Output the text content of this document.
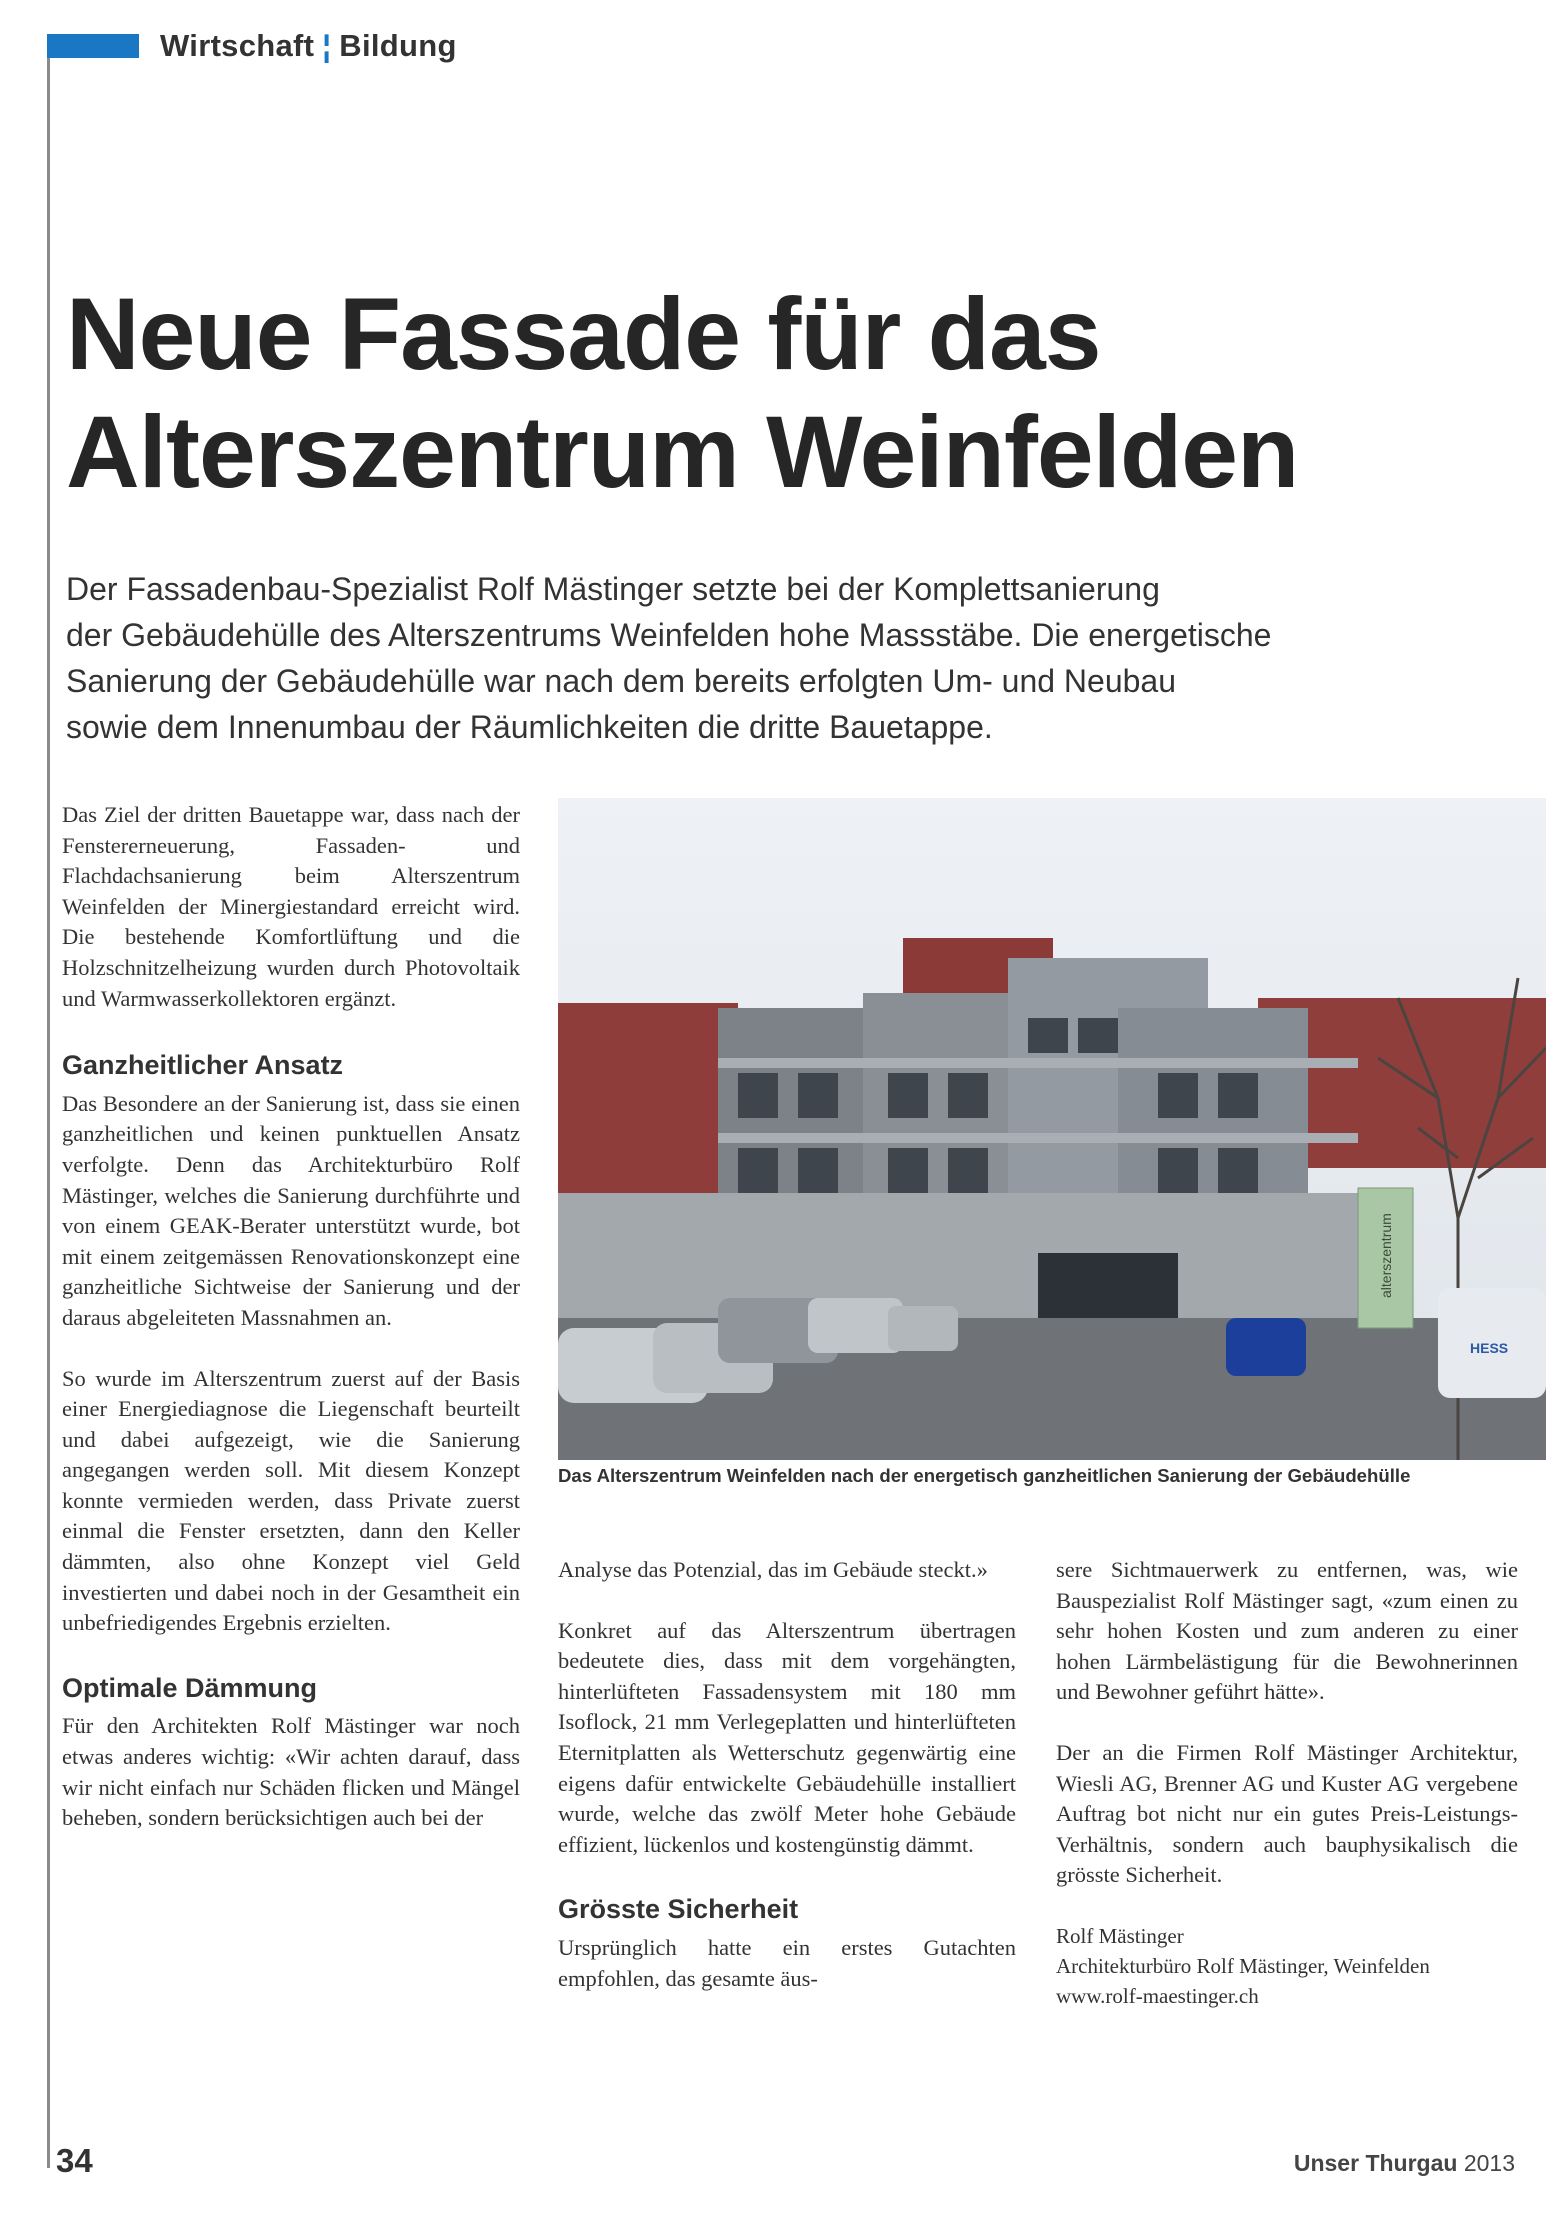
Wirtschaft ¦ Bildung
Neue Fassade für das
Alterszentrum Weinfelden
Der Fassadenbau-Spezialist Rolf Mästinger setzte bei der Komplettsanierung
der Gebäudehülle des Alterszentrums Weinfelden hohe Massstäbe. Die energetische
Sanierung der Gebäudehülle war nach dem bereits erfolgten Um- und Neubau
sowie dem Innenumbau der Räumlichkeiten die dritte Bauetappe.

Das Ziel der dritten Bauetappe war, dass nach der Fenstererneuerung, Fassaden- und Flachdachsanierung beim Alterszentrum Weinfelden der Minergiestandard erreicht wird. Die bestehende Komfortlüftung und die Holzschnitzelheizung wurden durch Photovoltaik und Warmwasserkollektoren ergänzt.

Ganzheitlicher Ansatz

Das Besondere an der Sanierung ist, dass sie einen ganzheitlichen und keinen punktuellen Ansatz verfolgte. Denn das Architekturbüro Rolf Mästinger, welches die Sanierung durchführte und von einem GEAK-Berater unterstützt wurde, bot mit einem zeitgemässen Renovationskonzept eine ganzheitliche Sichtweise der Sanierung und der daraus abgeleiteten Massnahmen an.

So wurde im Alterszentrum zuerst auf der Basis einer Energiediagnose die Liegenschaft beurteilt und dabei aufgezeigt, wie die Sanierung angegangen werden soll. Mit diesem Konzept konnte vermieden werden, dass Private zuerst einmal die Fenster ersetzten, dann den Keller dämmten, also ohne Konzept viel Geld investierten und dabei noch in der Gesamtheit ein unbefriedigendes Ergebnis erzielten.

Optimale Dämmung

Für den Architekten Rolf Mästinger war noch etwas anderes wichtig: «Wir achten darauf, dass wir nicht einfach nur Schäden flicken und Mängel beheben, sondern berücksichtigen auch bei der

alterszentrum
HESS
Das Alterszentrum Weinfelden nach der energetisch ganzheitlichen Sanierung der Gebäudehülle

Analyse das Potenzial, das im Gebäude steckt.»

Konkret auf das Alterszentrum übertragen bedeutete dies, dass mit dem vorgehängten, hinterlüfteten Fassadensystem mit 180 mm Isoflock, 21 mm Verlegeplatten und hinterlüfteten Eternitplatten als Wetterschutz gegenwärtig eine eigens dafür entwickelte Gebäudehülle installiert wurde, welche das zwölf Meter hohe Gebäude effizient, lückenlos und kostengünstig dämmt.

Grösste Sicherheit

Ursprünglich hatte ein erstes Gutachten empfohlen, das gesamte äus-

sere Sichtmauerwerk zu entfernen, was, wie Bauspezialist Rolf Mästinger sagt, «zum einen zu sehr hohen Kosten und zum anderen zu einer hohen Lärmbelästigung für die Bewohnerinnen und Bewohner geführt hätte».

Der an die Firmen Rolf Mästinger Architektur, Wiesli AG, Brenner AG und Kuster AG vergebene Auftrag bot nicht nur ein gutes Preis-Leistungs-Verhältnis, sondern auch bauphysikalisch die grösste Sicherheit.

Rolf Mästinger
Architekturbüro Rolf Mästinger, Weinfelden
www.rolf-maestinger.ch
34	Unser Thurgau 2013
